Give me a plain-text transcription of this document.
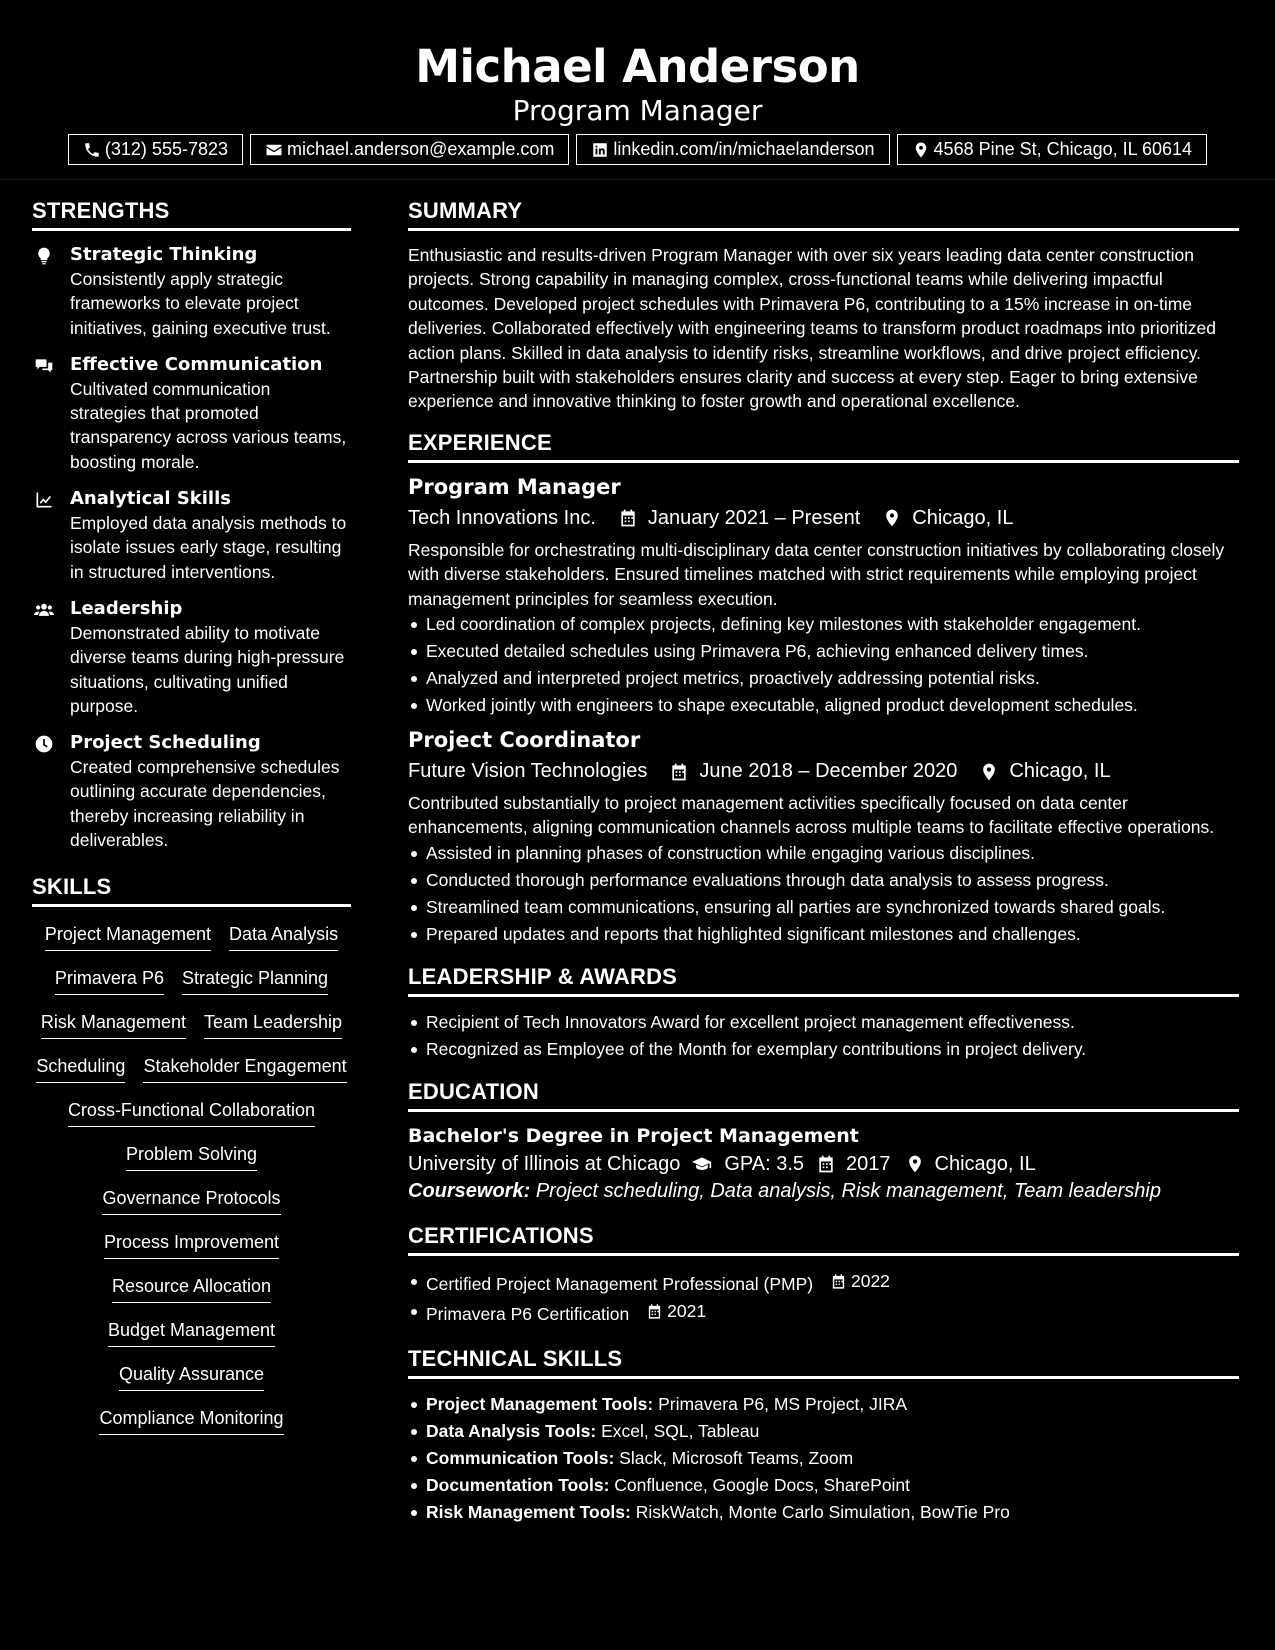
Michael Anderson
Program Manager
(312) 555-7823	michael.anderson@example.com	linkedin.com/in/michaelanderson	4568 Pine St, Chicago, IL 60614
STRENGTHS
Strategic Thinking
Consistently apply strategic frameworks to elevate project initiatives, gaining executive trust.
Effective Communication
Cultivated communication strategies that promoted transparency across various teams, boosting morale.
Analytical Skills
Employed data analysis methods to isolate issues early stage, resulting in structured interventions.
Leadership
Demonstrated ability to motivate diverse teams during high-pressure situations, cultivating unified purpose.
Project Scheduling
Created comprehensive schedules outlining accurate dependencies, thereby increasing reliability in deliverables.
SKILLS
Project Management Data Analysis
Primavera P6 Strategic Planning
Risk Management Team Leadership
Scheduling Stakeholder Engagement
Cross-Functional Collaboration
Problem Solving
Governance Protocols
Process Improvement
Resource Allocation
Budget Management
Quality Assurance
Compliance Monitoring
SUMMARY
Enthusiastic and results-driven Program Manager with over six years leading data center construction projects. Strong capability in managing complex, cross-functional teams while delivering impactful outcomes. Developed project schedules with Primavera P6, contributing to a 15% increase in on-time deliveries. Collaborated effectively with engineering teams to transform product roadmaps into prioritized action plans. Skilled in data analysis to identify risks, streamline workflows, and drive project efficiency. Partnership built with stakeholders ensures clarity and success at every step. Eager to bring extensive experience and innovative thinking to foster growth and operational excellence.
EXPERIENCE
Program Manager
Tech Innovations Inc.	January 2021 – Present	Chicago, IL
Responsible for orchestrating multi-disciplinary data center construction initiatives by collaborating closely with diverse stakeholders. Ensured timelines matched with strict requirements while employing project management principles for seamless execution.
Led coordination of complex projects, defining key milestones with stakeholder engagement.
Executed detailed schedules using Primavera P6, achieving enhanced delivery times.
Analyzed and interpreted project metrics, proactively addressing potential risks.
Worked jointly with engineers to shape executable, aligned product development schedules.
Project Coordinator
Future Vision Technologies	June 2018 – December 2020	Chicago, IL
Contributed substantially to project management activities specifically focused on data center enhancements, aligning communication channels across multiple teams to facilitate effective operations.
Assisted in planning phases of construction while engaging various disciplines.
Conducted thorough performance evaluations through data analysis to assess progress.
Streamlined team communications, ensuring all parties are synchronized towards shared goals.
Prepared updates and reports that highlighted significant milestones and challenges.
LEADERSHIP & AWARDS
Recipient of Tech Innovators Award for excellent project management effectiveness.
Recognized as Employee of the Month for exemplary contributions in project delivery.
EDUCATION
Bachelor's Degree in Project Management
University of Illinois at Chicago GPA: 3.5 2017 Chicago, IL
Coursework: Project scheduling, Data analysis, Risk management, Team leadership
CERTIFICATIONS
Certified Project Management Professional (PMP) 2022
Primavera P6 Certification 2021
TECHNICAL SKILLS
Project Management Tools: Primavera P6, MS Project, JIRA
Data Analysis Tools: Excel, SQL, Tableau
Communication Tools: Slack, Microsoft Teams, Zoom
Documentation Tools: Confluence, Google Docs, SharePoint
Risk Management Tools: RiskWatch, Monte Carlo Simulation, BowTie Pro
